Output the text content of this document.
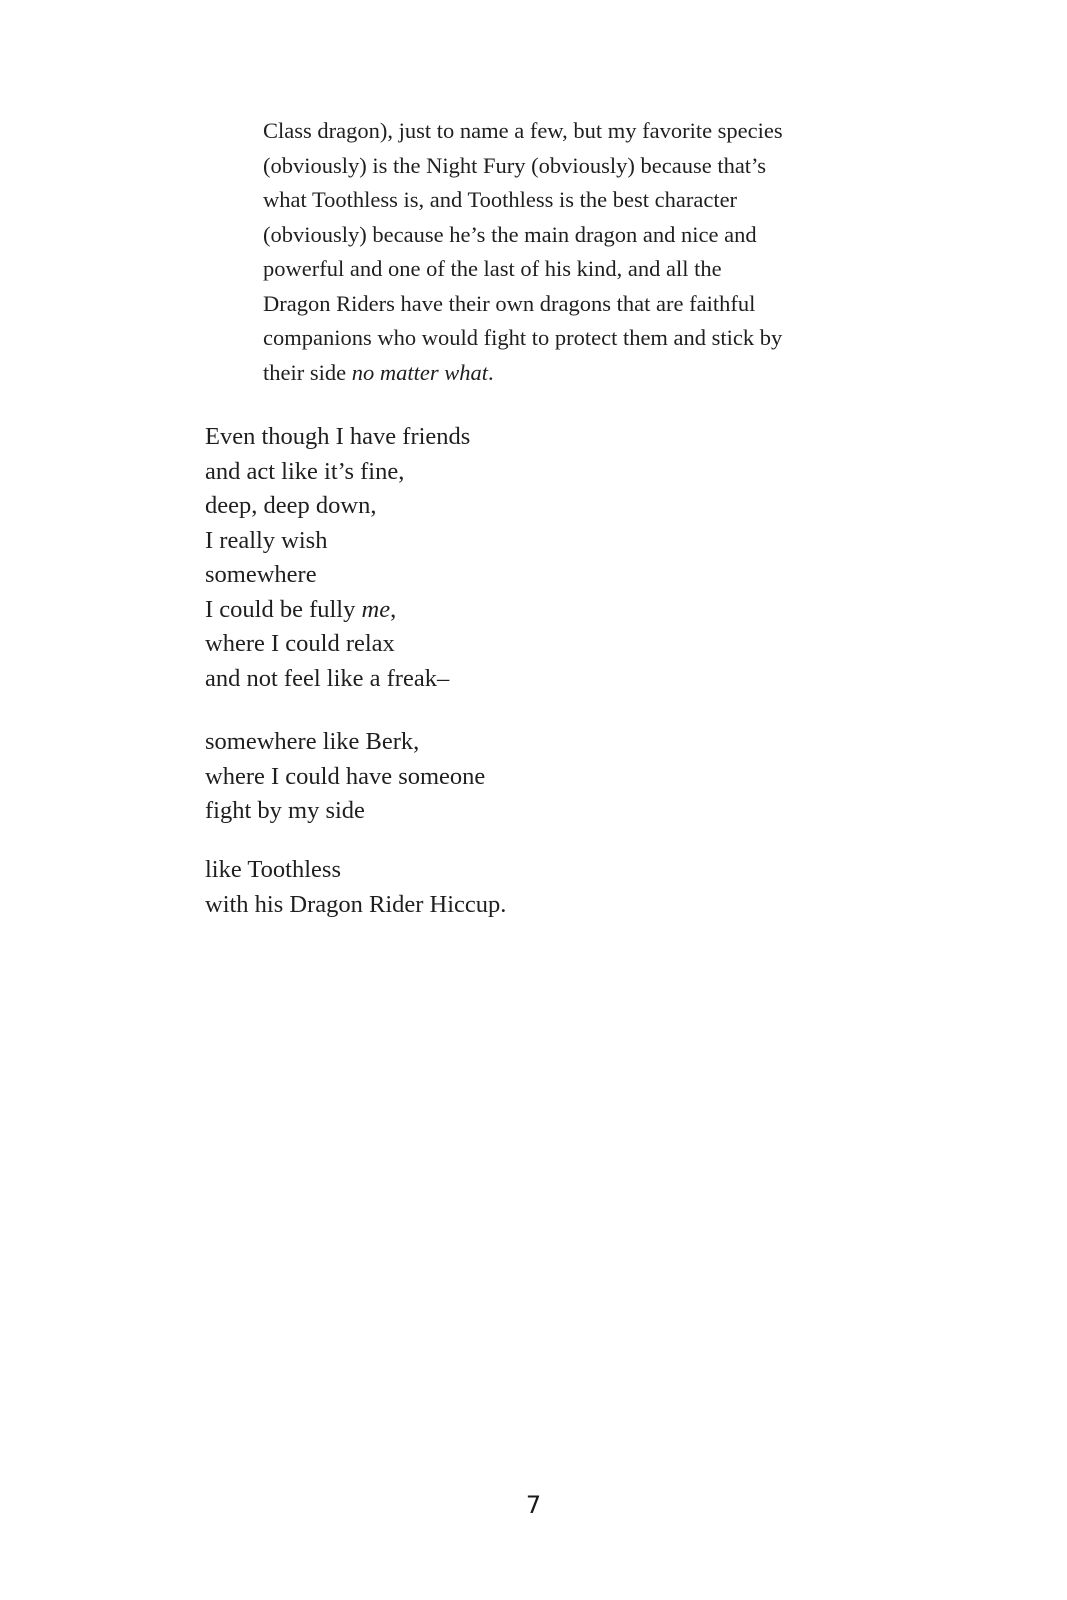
Class dragon), just to name a few, but my favorite species
(obviously) is the Night Fury (obviously) because that’s
what Toothless is, and Toothless is the best character
(obviously) because he’s the main dragon and nice and
powerful and one of the last of his kind, and all the
Dragon Riders have their own dragons that are faithful
companions who would fight to protect them and stick by
their side no matter what.
Even though I have friends
and act like it’s fine,
deep, deep down,
I really wish
somewhere
I could be fully me,
where I could relax
and not feel like a freak–
somewhere like Berk,
where I could have someone
fight by my side
like Toothless
with his Dragon Rider Hiccup.
7
